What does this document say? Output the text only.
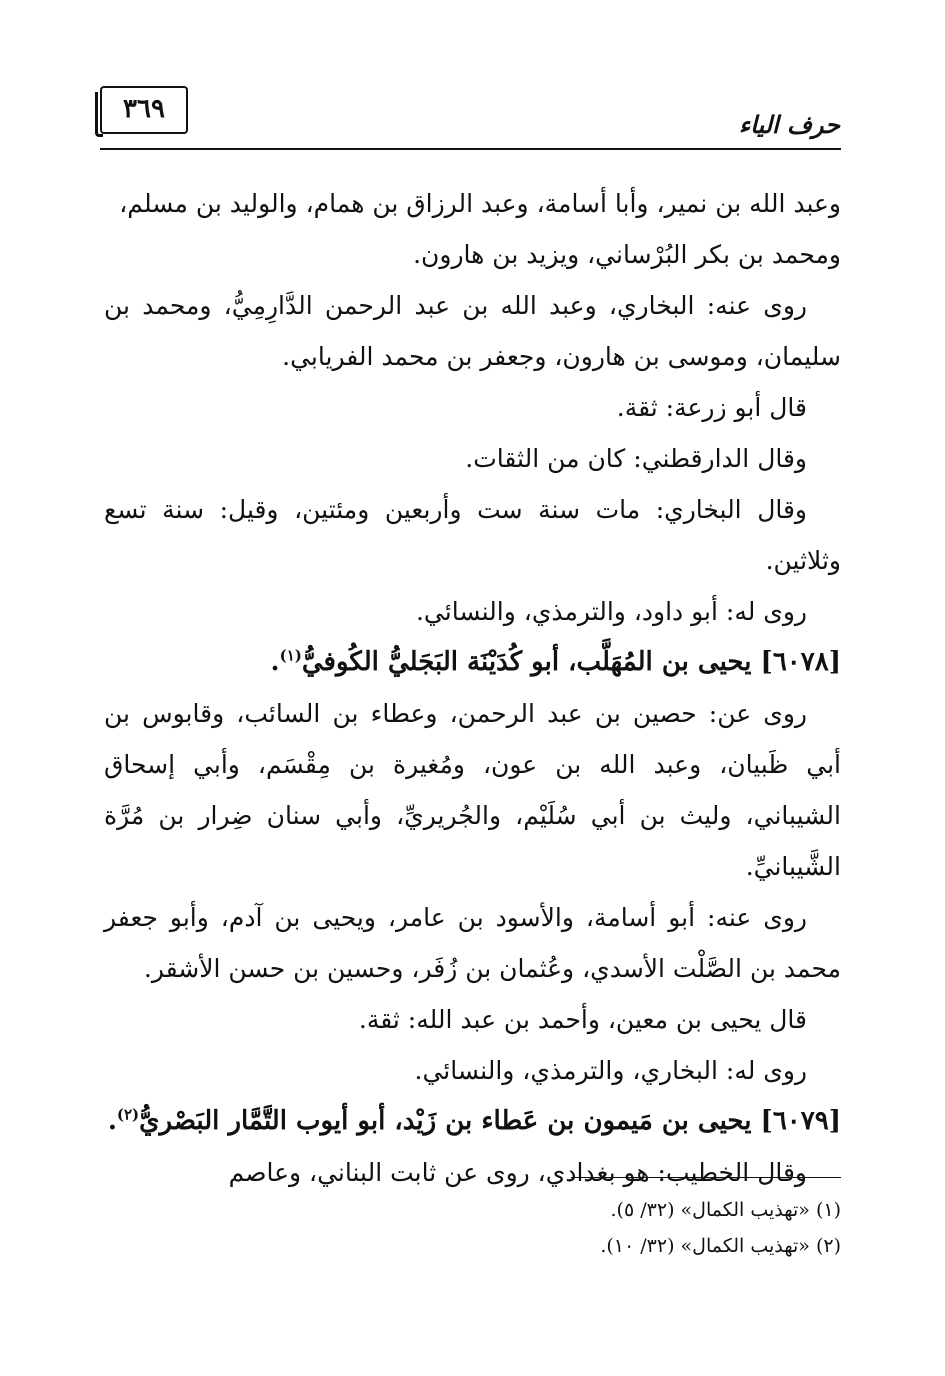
٣٦٩
حرف الياء

وعبد الله بن نمير، وأبا أسامة، وعبد الرزاق بن همام، والوليد بن مسلم،
ومحمد بن بكر البُرْساني، ويزيد بن هارون.

روى عنه: البخاري، وعبد الله بن عبد الرحمن الدَّارِمِيُّ، ومحمد بن سليمان، وموسى بن هارون، وجعفر بن محمد الفريابي.

قال أبو زرعة: ثقة.

وقال الدارقطني: كان من الثقات.

وقال البخاري: مات سنة ست وأربعين ومئتين، وقيل: سنة تسع وثلاثين.

روى له: أبو داود، والترمذي، والنسائي.

[٦٠٧٨] يحيى بن المُهَلَّب، أبو كُدَيْنَة البَجَليُّ الكُوفيُّ$^{(١)}$.

روى عن: حصين بن عبد الرحمن، وعطاء بن السائب، وقابوس بن أبي ظَبيان، وعبد الله بن عون، ومُغيرة بن مِقْسَم، وأبي إسحاق الشيباني، وليث بن أبي سُلَيْم، والجُريريِّ، وأبي سنان ضِرار بن مُرَّة الشَّيبانيِّ.

روى عنه: أبو أسامة، والأسود بن عامر، ويحيى بن آدم، وأبو جعفر محمد بن الصَّلْت الأسدي، وعُثمان بن زُفَر، وحسين بن حسن الأشقر.

قال يحيى بن معين، وأحمد بن عبد الله: ثقة.

روى له: البخاري، والترمذي، والنسائي.

[٦٠٧٩] يحيى بن مَيمون بن عَطاء بن زَيْد، أبو أيوب التَّمَّار البَصْريُّ$^{(٢)}$.

وقال الخطيب: هو بغدادي، روى عن ثابت البناني، وعاصم

(١) «تهذيب الكمال» (٣٢/ ٥).

(٢) «تهذيب الكمال» (٣٢/ ١٠).
